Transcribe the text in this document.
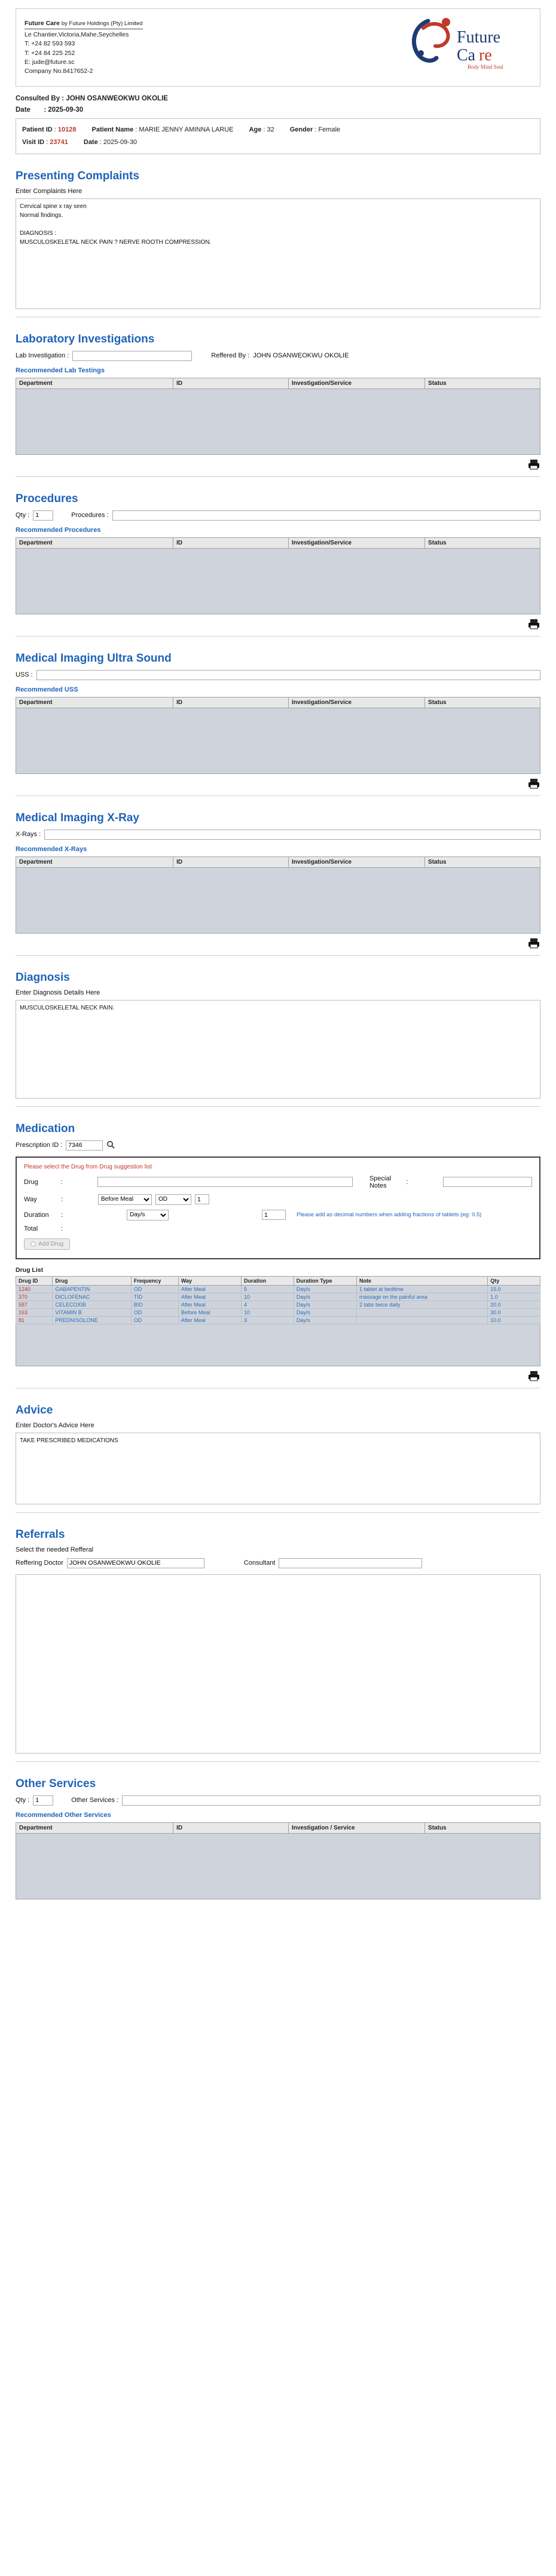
Future Care by Future Holdings (Pty) Limited
Le Chantier,Victoria,Mahe,Seychelles
T: +24 82 593 593
T: +24 84 225 252
E: jude@future.sc
Company No.8417652-2
Future
Ca re
Body Mind Soul
Consulted By : JOHN OSANWEOKWU OKOLIE
Date : 2025-09-30
Patient ID : 10128 Patient Name : MARIE JENNY AMINNA LARUE Age : 32 Gender : Female
Visit ID : 23741 Date : 2025-09-30
Presenting Complaints
Enter Complaints Here
Cervical spine x ray seen Normal findings. DIAGNOSIS : MUSCULOSKELETAL NECK PAIN ? NERVE ROOTH COMPRESSION.
Laboratory Investigations
Lab Investigation :	Reffered By : JOHN OSANWEOKWU OKOLIE
Recommended Lab Testings
Department	ID	Investigation/Service	Status

Procedures
Qty :
1	Procedures :
Recommended Procedures
Department	ID	Investigation/Service	Status

Medical Imaging Ultra Sound
USS :
Recommended USS
Department	ID	Investigation/Service	Status

Medical Imaging X-Ray
X-Rays :
Recommended X-Rays
Department	ID	Investigation/Service	Status

Diagnosis
Enter Diagnosis Details Here
MUSCULOSKELETAL NECK PAIN.
Medication
Prescription ID :
7346
Please select the Drug from Drug suggestion list
Drug	:	Special Notes	:
Way	:
Before Meal
OD
1
Duration	:
Day/s
1	Please add as decimal numbers when adding fractions of tablets (eg: 0.5)
Total	:
Add Drug
Drug List
Drug ID	Drug	Frequency	Way	Duration	Duration Type	Note	Qty
1240	GABAPENTIN	OD	After Meal	5	Day/s	1 tablet at bedtime	15.0
370	DICLOFENAC	TID	After Meal	10	Day/s	massage on the painful area	1.0
587	CELECOXIB	BID	After Meal	4	Day/s	2 tabs twice daily	20.0
163	VITAMIN B	OD	Before Meal	10	Day/s		30.0
81	PREDNISOLONE	OD	After Meal	3	Day/s		10.0

Advice
Enter Doctor's Advice Here
TAKE PRESCRIBED MEDICATIONS
Referrals
Select the needed Refferal
Reffering Doctor
JOHN OSANWEOKWU OKOLIE	Consultant
Other Services
Qty :
1	Other Services :
Recommended Other Services
Department	ID	Investigation / Service	Status
